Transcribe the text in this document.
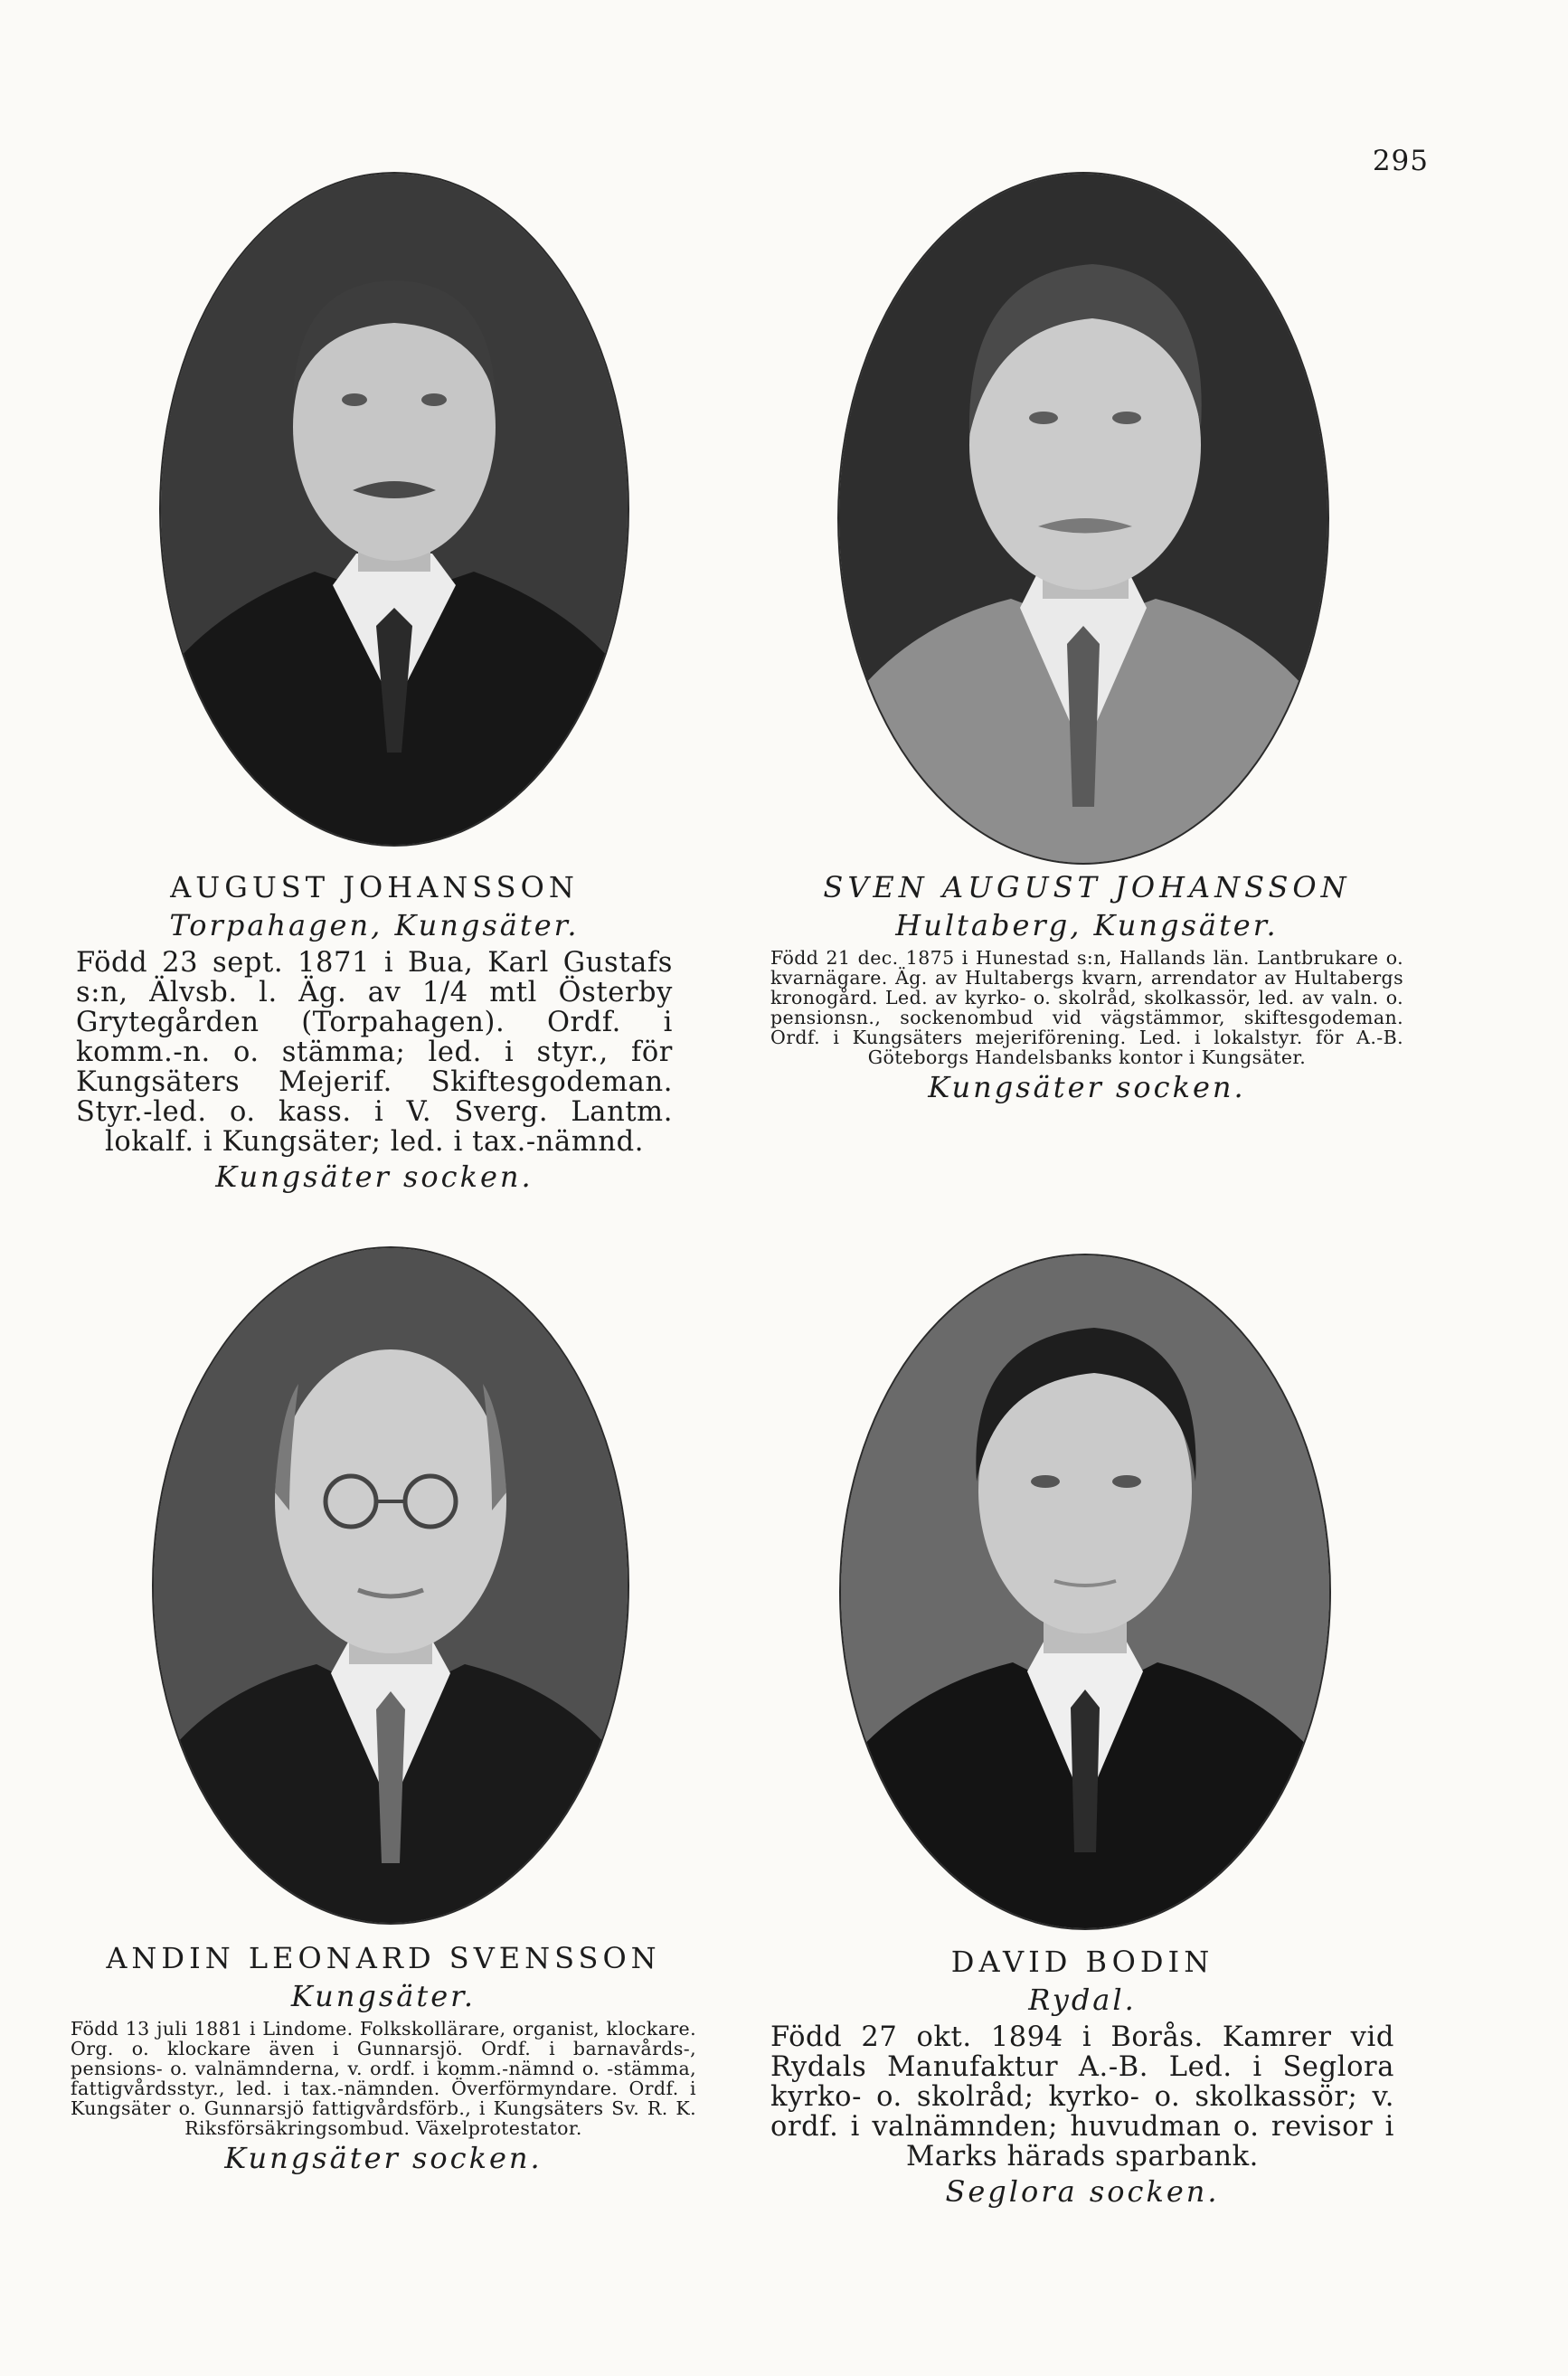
295
AUGUST JOHANSSON
Torpahagen, Kungsäter.
Född 23 sept. 1871 i Bua, Karl Gustafs s:n, Älvsb. l. Äg. av 1/4 mtl Österby Grytegården (Torpahagen). Ordf. i komm.-n. o. stämma; led. i styr., för Kungsäters Mejerif. Skiftesgodeman. Styr.-led. o. kass. i V. Sverg. Lantm. lokalf. i Kungsäter; led. i tax.-nämnd.
Kungsäter socken.
SVEN AUGUST JOHANSSON
Hultaberg, Kungsäter.
Född 21 dec. 1875 i Hunestad s:n, Hallands län. Lantbrukare o. kvarnägare. Äg. av Hultabergs kvarn, arrendator av Hultabergs kronogård. Led. av kyrko- o. skolråd, skolkassör, led. av valn. o. pensionsn., sockenombud vid vägstämmor, skiftesgodeman. Ordf. i Kungsäters mejeriförening. Led. i lokalstyr. för A.-B. Göteborgs Handelsbanks kontor i Kungsäter.
Kungsäter socken.
ANDIN LEONARD SVENSSON
Kungsäter.
Född 13 juli 1881 i Lindome. Folkskollärare, organist, klockare. Org. o. klockare även i Gunnarsjö. Ordf. i barnavårds-, pensions- o. valnämnderna, v. ordf. i komm.-nämnd o. -stämma, fattigvårdsstyr., led. i tax.-nämnden. Överförmyndare. Ordf. i Kungsäter o. Gunnarsjö fattigvårdsförb., i Kungsäters Sv. R. K. Riksförsäkringsombud. Växelprotestator.
Kungsäter socken.
DAVID BODIN
Rydal.
Född 27 okt. 1894 i Borås. Kamrer vid Rydals Manufaktur A.-B. Led. i Seglora kyrko- o. skolråd; kyrko- o. skolkassör; v. ordf. i valnämnden; huvudman o. revisor i Marks härads sparbank.
Seglora socken.
